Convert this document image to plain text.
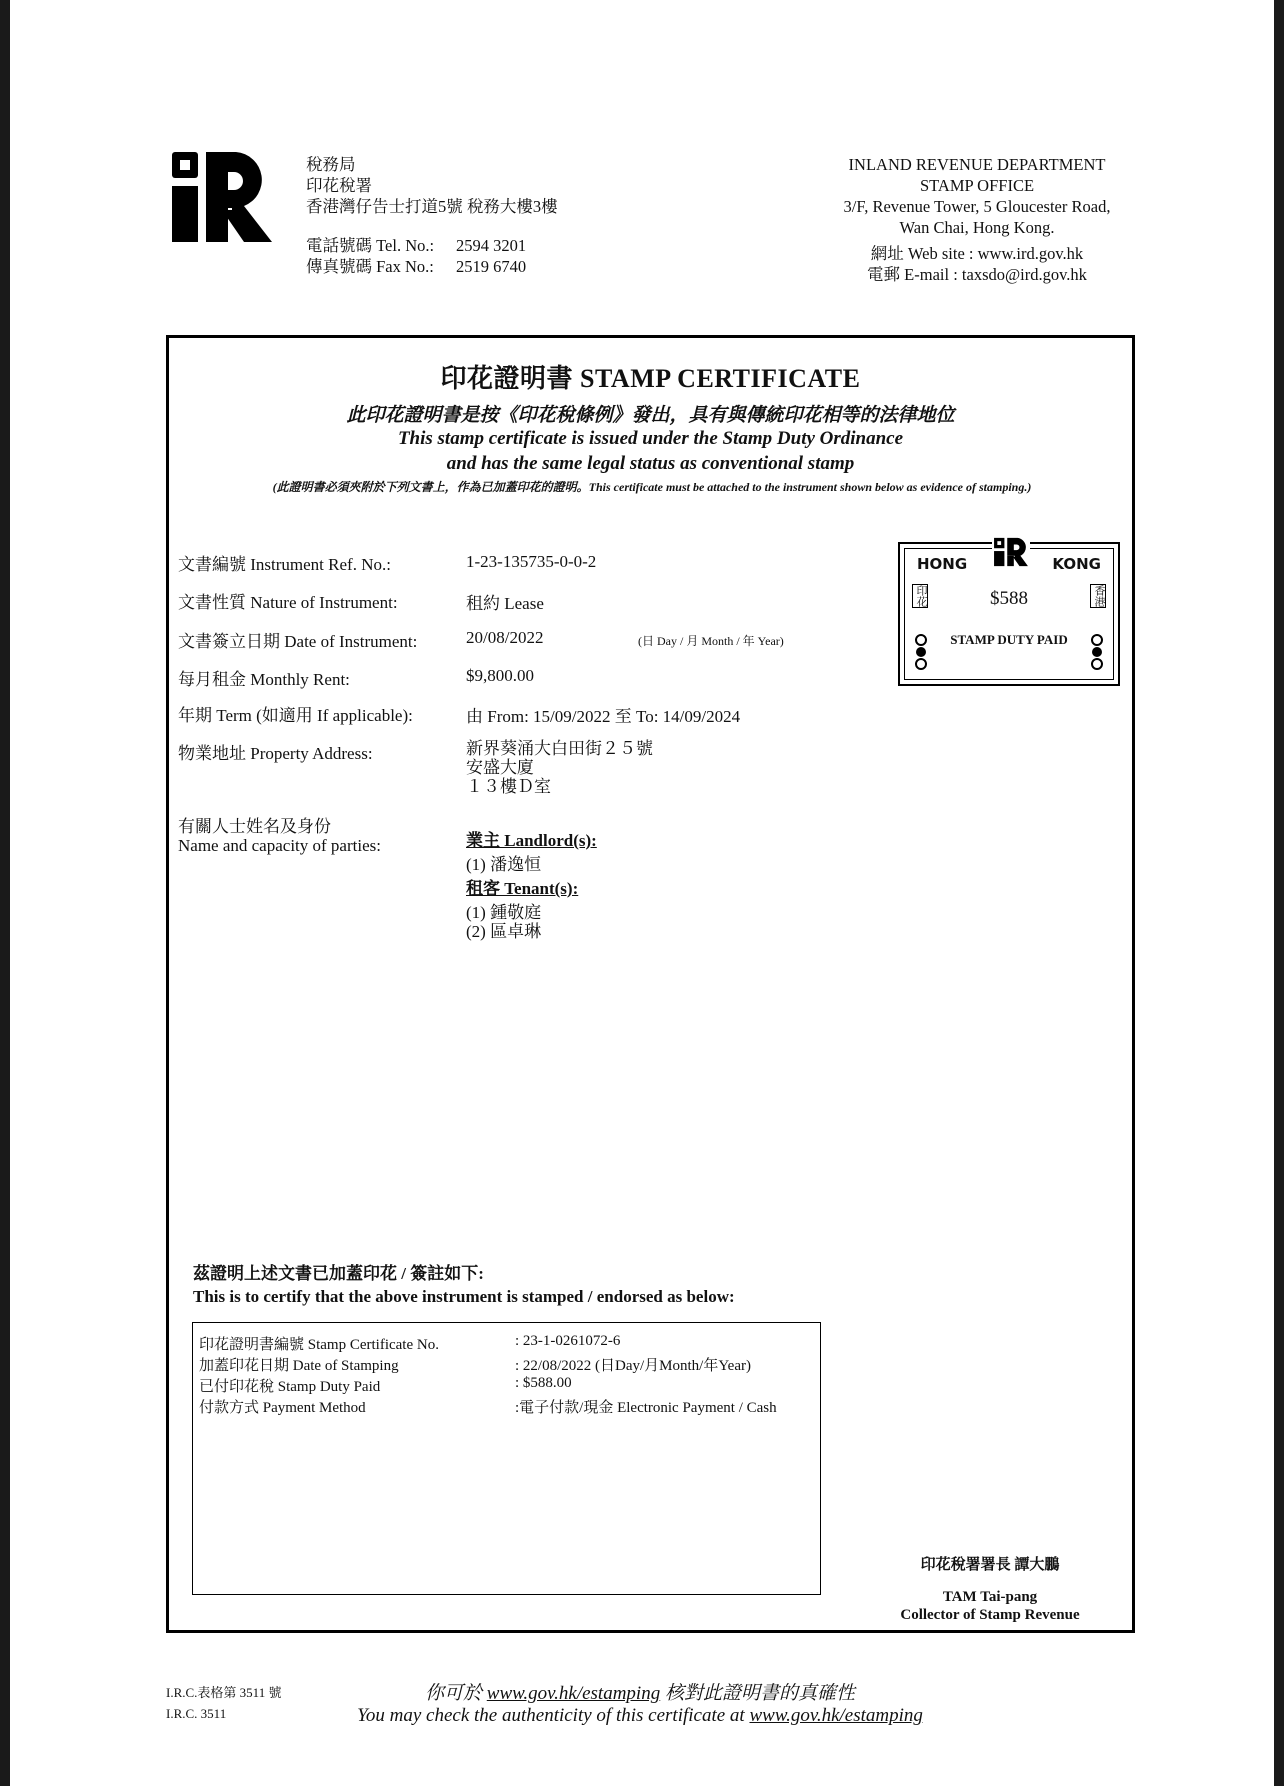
稅務局
印花稅署
香港灣仔告士打道5號 稅務大樓3樓
電話號碼 Tel. No.:	2594 3201
傳真號碼 Fax No.:	2519 6740
INLAND REVENUE DEPARTMENT
STAMP OFFICE
3/F, Revenue Tower, 5 Gloucester Road,
Wan Chai, Hong Kong.
網址 Web site : www.ird.gov.hk
電郵 E-mail : taxsdo@ird.gov.hk
印花證明書 STAMP CERTIFICATE
此印花證明書是按《印花稅條例》發出，具有與傳統印花相等的法律地位
This stamp certificate is issued under the Stamp Duty Ordinance
and has the same legal status as conventional stamp
(此證明書必須夾附於下列文書上，作為已加蓋印花的證明。This certificate must be attached to the instrument shown below as evidence of stamping.)
文書編號 Instrument Ref. No.:	1-23-135735-0-0-2
文書性質 Nature of Instrument:	租約 Lease
文書簽立日期 Date of Instrument:	20/08/2022	(日 Day / 月 Month / 年 Year)
每月租金 Monthly Rent:	$9,800.00
年期 Term (如適用 If applicable):	由 From: 15/09/2022 至 To: 14/09/2024
物業地址 Property Address:	新界葵涌大白田街２５號
安盛大廈
１３樓Ｄ室
有關人士姓名及身份
Name and capacity of parties:	業主 Landlord(s):
(1) 潘逸恒
租客 Tenant(s):
(1) 鍾敬庭
(2) 區卓琳
HONG	KONG
$588
STAMP DUTY PAID
印花	香港
茲證明上述文書已加蓋印花 / 簽註如下:
This is to certify that the above instrument is stamped / endorsed as below:
印花證明書編號 Stamp Certificate No.	: 23-1-0261072-6
加蓋印花日期 Date of Stamping	: 22/08/2022 (日Day/月Month/年Year)
已付印花稅 Stamp Duty Paid	: $588.00
付款方式 Payment Method	:電子付款/現金 Electronic Payment / Cash
印花稅署署長 譚大鵬
TAM Tai-pang
Collector of Stamp Revenue
I.R.C.表格第 3511 號
I.R.C. 3511
你可於 www.gov.hk/estamping 核對此證明書的真確性
You may check the authenticity of this certificate at www.gov.hk/estamping
